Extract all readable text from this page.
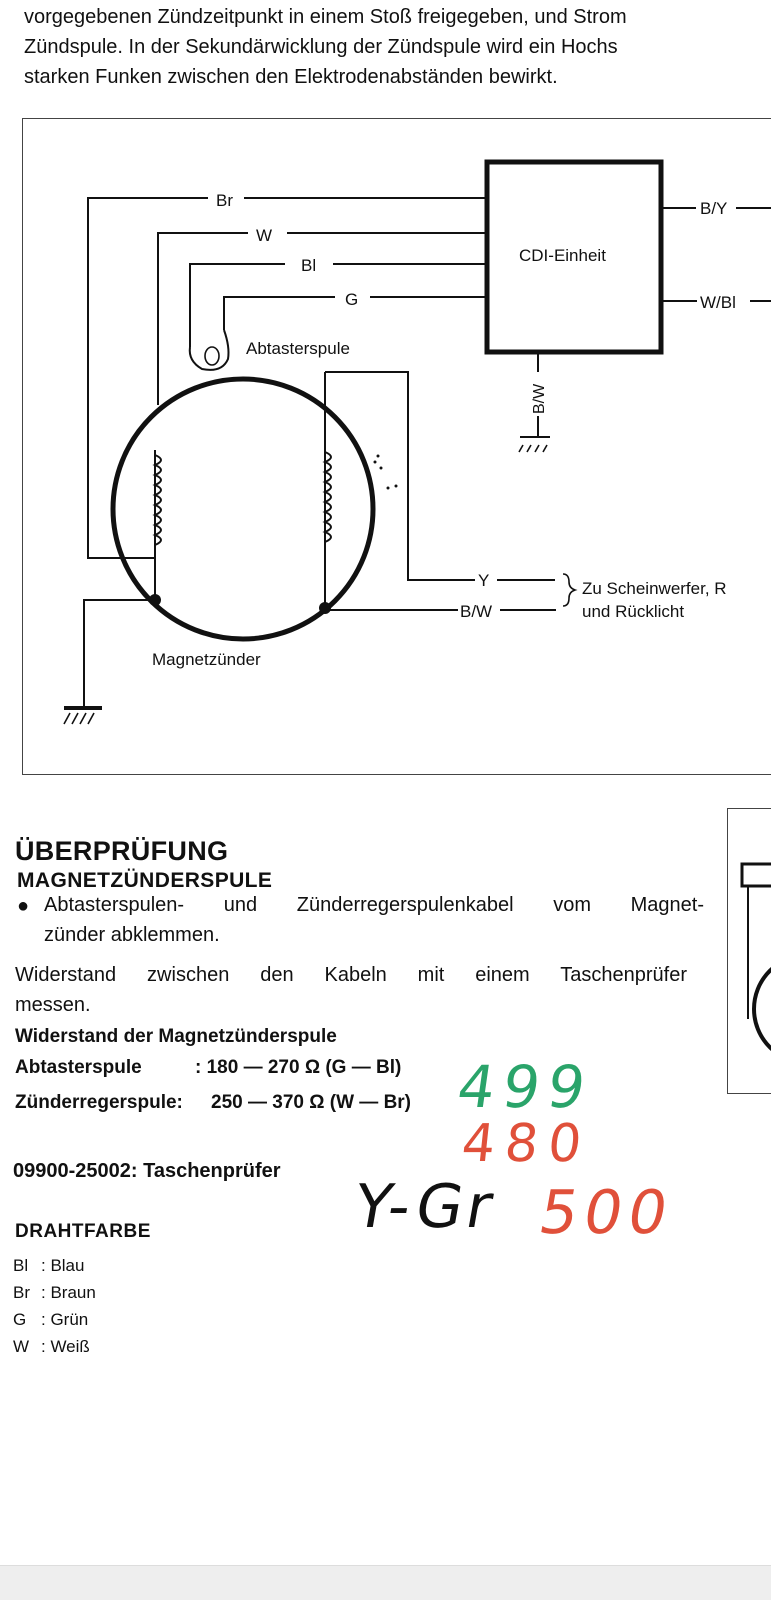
vorgegebenen Zündzeitpunkt in einem Stoß freigegeben, und Strom
Zündspule. In der Sekundärwicklung der Zündspule wird ein Hochs
starken Funken zwischen den Elektrodenabständen bewirkt.
Br
W
Bl
G
Abtasterspule
CDI-Einheit
B/Y
W/Bl
B/W
Y
B/W
Zu Scheinwerfer, R
und Rücklicht
Magnetzünder
ÜBERPRÜFUNG
MAGNETZÜNDERSPULE
● Abtasterspulen- und Zünderregerspulenkabel vom Magnet-
zünder abklemmen.
Widerstand zwischen den Kabeln mit einem Taschenprüfer
messen.
Widerstand der Magnetzünderspule
Abtasterspule	: 180 — 270 Ω (G — Bl)
Zünderregerspule: 250 — 370 Ω (W — Br)
09900-25002: Taschenprüfer
DRAHTFARBE
Bl : Blau
Br : Braun
G : Grün
W : Weiß
499
480
Y-Gr 500
